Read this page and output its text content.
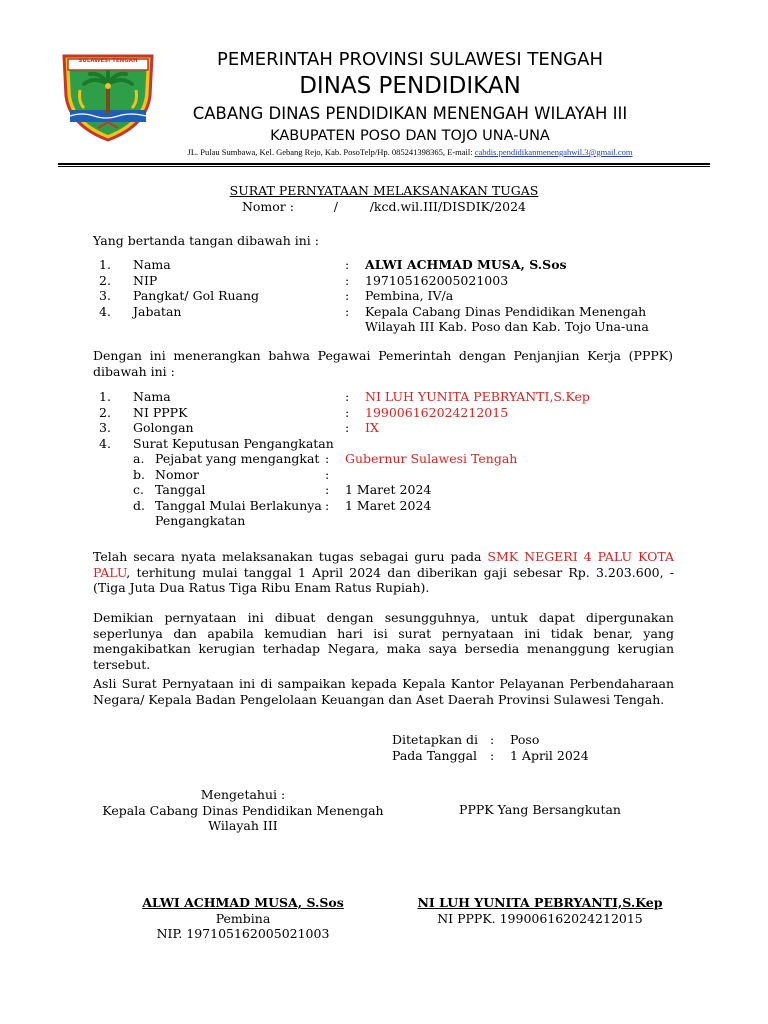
SULAWESI TENGAH	PEMERINTAH PROVINSI SULAWESI TENGAH
DINAS PENDIDIKAN
CABANG DINAS PENDIDIKAN MENENGAH WILAYAH III
KABUPATEN POSO DAN TOJO UNA-UNA
JL. Pulau Sumbawa, Kel. Gebang Rejo, Kab. PosoTelp/Hp. 085241398365, E-mail: cabdis.pendidikanmenengahwil.3@gmail.com
SURAT PERNYATAAN MELAKSANAKAN TUGAS
Nomor :          /        /kcd.wil.III/DISDIK/2024
Yang bertanda tangan dibawah ini :
1.	Nama	:	ALWI ACHMAD MUSA, S.Sos
2.	NIP	:	197105162005021003
3.	Pangkat/ Gol Ruang	:	Pembina, IV/a
4.	Jabatan	:	Kepala Cabang Dinas Pendidikan Menengah Wilayah III Kab. Poso dan Kab. Tojo Una-una
Dengan ini menerangkan bahwa Pegawai Pemerintah dengan Penjanjian Kerja (PPPK) dibawah ini :
1.	Nama	:	NI LUH YUNITA PEBRYANTI,S.Kep
2.	NI PPPK	:	199006162024212015
3.	Golongan	:	IX
4.	Surat Keputusan Pengangkatan		
a.	Pejabat yang mengangkat	:	Gubernur Sulawesi Tengah
b.	Nomor	:	
c.	Tanggal	:	1 Maret 2024
d.	Tanggal Mulai Berlakunya Pengangkatan	:	1 Maret 2024
Telah secara nyata melaksanakan tugas sebagai guru pada SMK NEGERI 4 PALU KOTA PALU, terhitung mulai tanggal 1 April 2024 dan diberikan gaji sebesar Rp. 3.203.600, - (Tiga Juta Dua Ratus Tiga Ribu Enam Ratus Rupiah).
Demikian pernyataan ini dibuat dengan sesungguhnya, untuk dapat dipergunakan seperlunya dan apabila kemudian hari isi surat pernyataan ini tidak benar, yang mengakibatkan kerugian terhadap Negara, maka saya bersedia menanggung kerugian tersebut.
Asli Surat Pernyataan ini di sampaikan kepada Kepala Kantor Pelayanan Perbendaharaan Negara/ Kepala Badan Pengelolaan Keuangan dan Aset Daerah Provinsi Sulawesi Tengah.
Ditetapkan di	:	Poso
Pada Tanggal	:	1 April 2024
Mengetahui :
Kepala Cabang Dinas Pendidikan Menengah
Wilayah III
ALWI ACHMAD MUSA, S.Sos
Pembina
NIP. 197105162005021003
PPPK Yang Bersangkutan
NI LUH YUNITA PEBRYANTI,S.Kep
NI PPPK. 199006162024212015
